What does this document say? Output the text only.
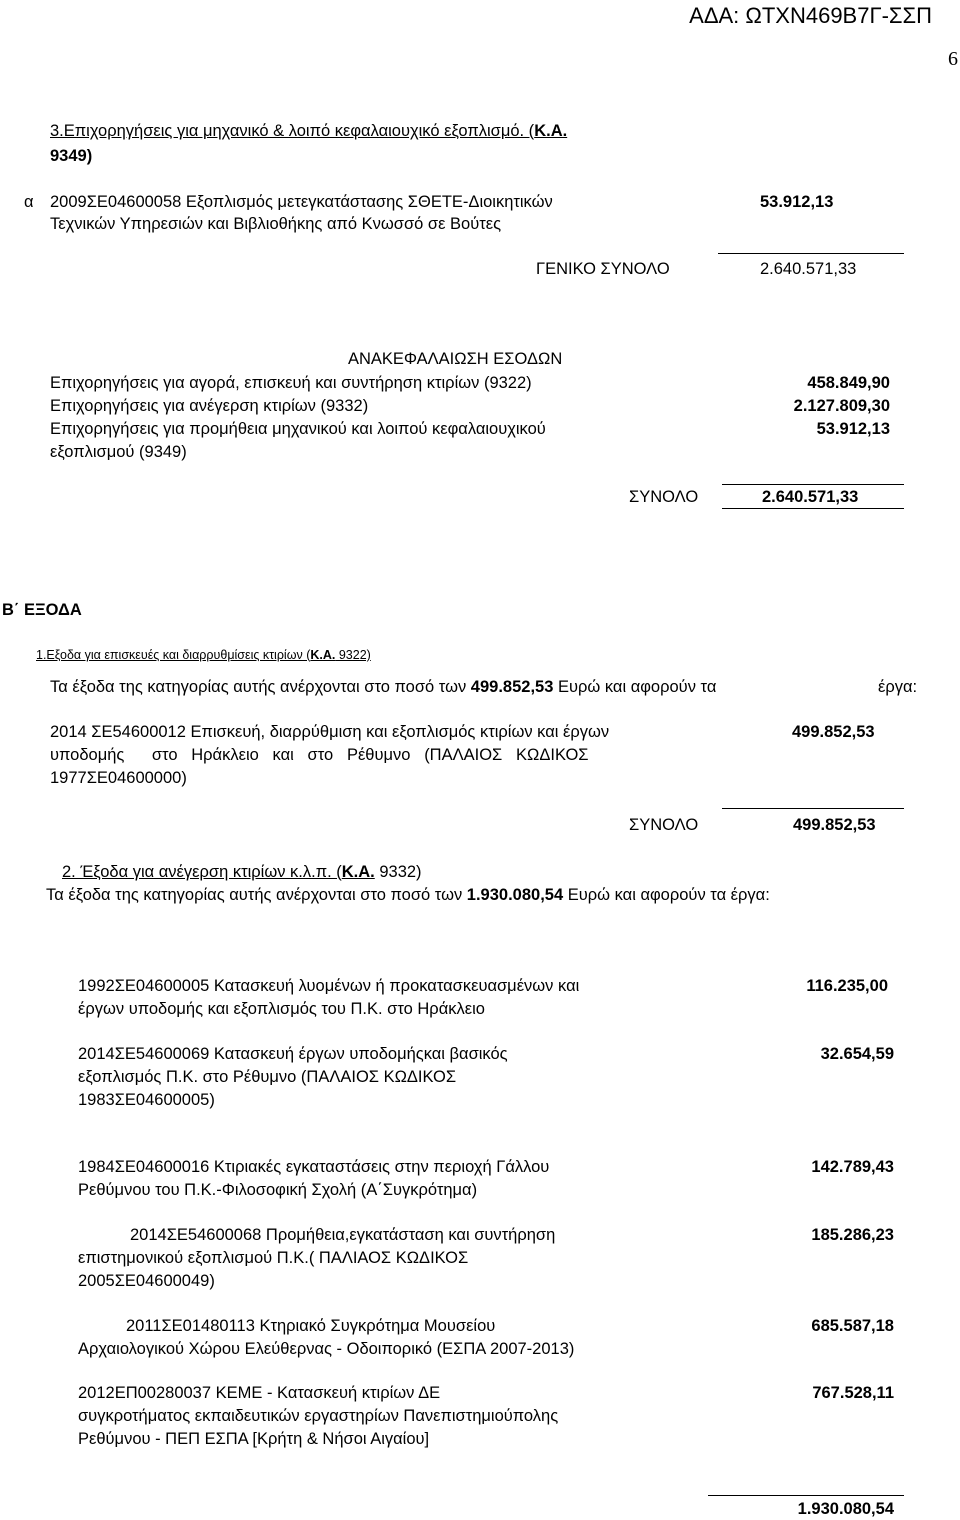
ΑΔΑ: ΩΤΧΝ469Β7Γ-ΣΣΠ
6
3.Επιχορηγήσεις για μηχανικό & λοιπό κεφαλαιουχικό εξοπλισμό. (Κ.Α.
9349)
α 2009ΣΕ04600058 Εξοπλισμός μετεγκατάστασης ΣΘΕΤΕ-Διοικητικών
Τεχνικών Υπηρεσιών και Βιβλιοθήκης από Κνωσσό σε Βούτες
53.912,13
ΓΕΝΙΚΟ ΣΥΝΟΛΟ	2.640.571,33
ΑΝΑΚΕΦΑΛΑΙΩΣΗ ΕΣΟΔΩΝ
Επιχορηγήσεις για αγορά, επισκευή και συντήρηση κτιρίων (9322)	458.849,90
Επιχορηγήσεις για ανέγερση κτιρίων (9332)	2.127.809,30
Επιχορηγήσεις για προμήθεια μηχανικού και λοιπού κεφαλαιουχικού
εξοπλισμού (9349)
53.912,13
ΣΥΝΟΛΟ	2.640.571,33
Β΄ ΕΞΟΔΑ
1.Εξοδα για επισκευές και διαρρυθμίσεις κτιρίων (Κ.Α. 9322)
Τα έξοδα της κατηγορίας αυτής ανέρχονται στο ποσό των 499.852,53 Ευρώ και αφορούν τα	έργα:
2014 ΣΕ54600012 Επισκευή, διαρρύθμιση και εξοπλισμός κτιρίων και έργων
υποδομής      στο   Ηράκλειο   και   στο   Ρέθυμνο   (ΠΑΛΑΙΟΣ   ΚΩΔΙΚΟΣ
1977ΣΕ04600000)
499.852,53
ΣΥΝΟΛΟ	499.852,53
2. Έξοδα για ανέγερση κτιρίων κ.λ.π. (Κ.Α. 9332)
Τα έξοδα της κατηγορίας αυτής ανέρχονται στο ποσό των 1.930.080,54 Ευρώ και αφορούν τα έργα:
1992ΣΕ04600005 Κατασκευή λυομένων ή προκατασκευασμένων και
έργων υποδομής και εξοπλισμός του Π.Κ. στο Ηράκλειο
116.235,00
2014ΣΕ54600069 Κατασκευή έργων υποδομήςκαι βασικός
εξοπλισμός Π.Κ. στο Ρέθυμνο (ΠΑΛΑΙΟΣ ΚΩΔΙΚΟΣ
1983ΣΕ04600005)
32.654,59
1984ΣΕ04600016 Κτιριακές εγκαταστάσεις στην περιοχή Γάλλου
Ρεθύμνου του Π.Κ.-Φιλοσοφική Σχολή (Α΄Συγκρότημα)
142.789,43
2014ΣΕ54600068 Προμήθεια,εγκατάσταση και συντήρηση
επιστημονικού εξοπλισμού Π.Κ.( ΠΑΛΙΑΟΣ ΚΩΔΙΚΟΣ
2005ΣΕ04600049)
185.286,23
2011ΣΕ01480113 Κτηριακό Συγκρότημα Μουσείου
Αρχαιολογικού Χώρου Ελεύθερνας - Οδοιπορικό (ΕΣΠΑ 2007-2013)
685.587,18
2012ΕΠ00280037 ΚΕΜΕ - Κατασκευή κτιρίων ΔΕ
συγκροτήματος εκπαιδευτικών εργαστηρίων Πανεπιστημιούπολης
Ρεθύμνου - ΠΕΠ ΕΣΠΑ [Κρήτη & Νήσοι Αιγαίου]
767.528,11
1.930.080,54
